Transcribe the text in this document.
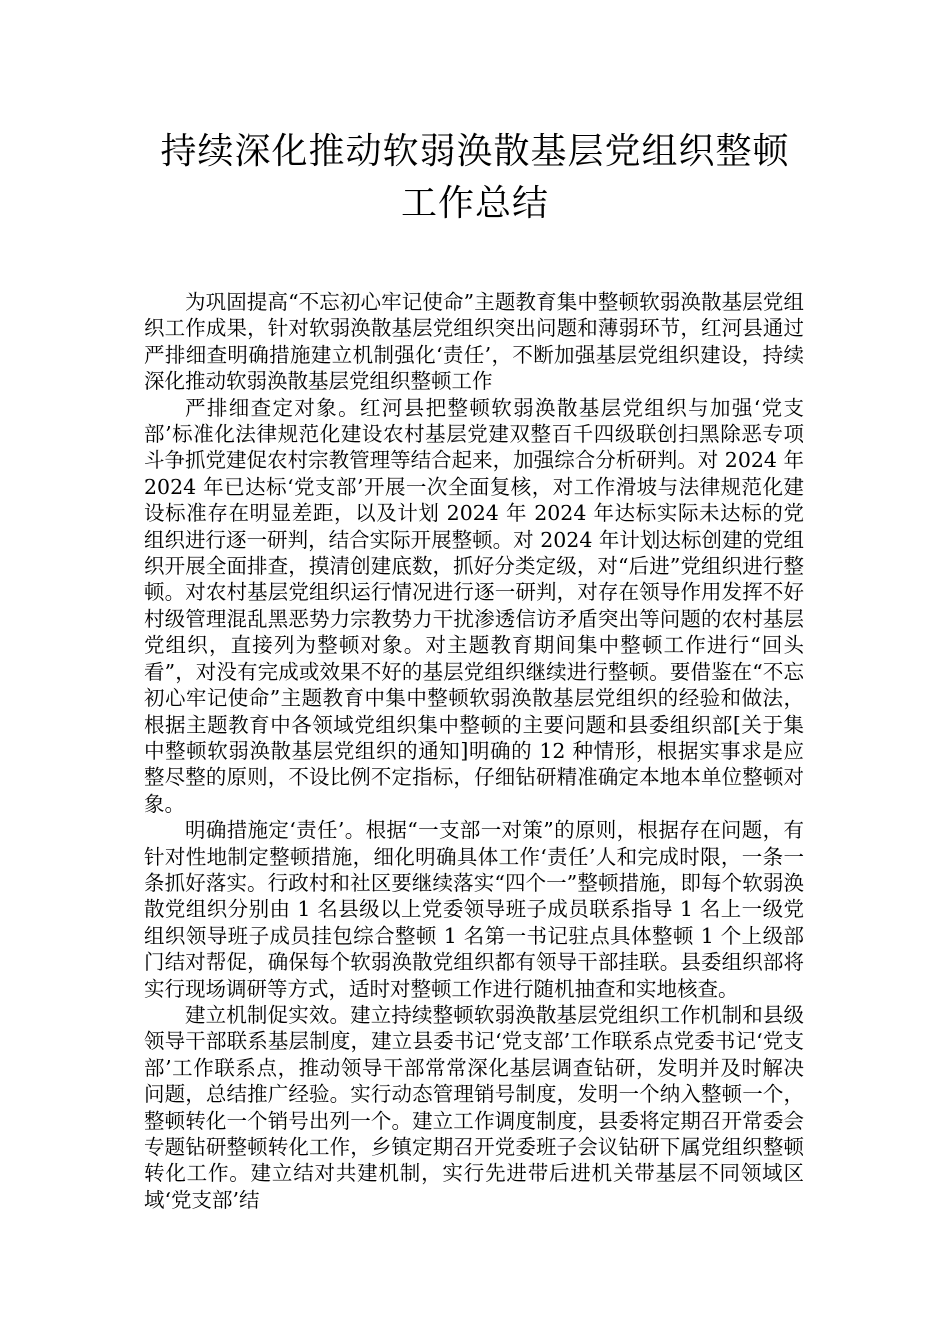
持续深化推动软弱涣散基层党组织整顿
工作总结

为巩固提高“不忘初心牢记使命”主题教育集中整顿软弱涣散基层党组织工作成果，针对软弱涣散基层党组织突出问题和薄弱环节，红河县通过严排细查明确措施建立机制强化‘责任’，不断加强基层党组织建设，持续深化推动软弱涣散基层党组织整顿工作

严排细查定对象。红河县把整顿软弱涣散基层党组织与加强‘党支部’标准化法律规范化建设农村基层党建双整百千四级联创扫黑除恶专项斗争抓党建促农村宗教管理等结合起来，加强综合分析研判。对 2024 年 2024 年已达标‘党支部’开展一次全面复核，对工作滑坡与法律规范化建设标准存在明显差距，以及计划 2024 年 2024 年达标实际未达标的党组织进行逐一研判，结合实际开展整顿。对 2024 年计划达标创建的党组织开展全面排查，摸清创建底数，抓好分类定级，对“后进”党组织进行整顿。对农村基层党组织运行情况进行逐一研判，对存在领导作用发挥不好村级管理混乱黑恶势力宗教势力干扰渗透信访矛盾突出等问题的农村基层党组织，直接列为整顿对象。对主题教育期间集中整顿工作进行“回头看”，对没有完成或效果不好的基层党组织继续进行整顿。要借鉴在“不忘初心牢记使命”主题教育中集中整顿软弱涣散基层党组织的经验和做法，根据主题教育中各领域党组织集中整顿的主要问题和县委组织部[关于集中整顿软弱涣散基层党组织的通知]明确的 12 种情形，根据实事求是应整尽整的原则，不设比例不定指标，仔细钻研精准确定本地本单位整顿对象。

明确措施定‘责任’。根据“一支部一对策”的原则，根据存在问题，有针对性地制定整顿措施，细化明确具体工作‘责任’人和完成时限，一条一条抓好落实。行政村和社区要继续落实“四个一”整顿措施，即每个软弱涣散党组织分别由 1 名县级以上党委领导班子成员联系指导 1 名上一级党组织领导班子成员挂包综合整顿 1 名第一书记驻点具体整顿 1 个上级部门结对帮促，确保每个软弱涣散党组织都有领导干部挂联。县委组织部将实行现场调研等方式，适时对整顿工作进行随机抽查和实地核查。

建立机制促实效。建立持续整顿软弱涣散基层党组织工作机制和县级领导干部联系基层制度，建立县委书记‘党支部’工作联系点党委书记‘党支部’工作联系点，推动领导干部常常深化基层调查钻研，发明并及时解决问题，总结推广经验。实行动态管理销号制度，发明一个纳入整顿一个，整顿转化一个销号出列一个。建立工作调度制度，县委将定期召开常委会专题钻研整顿转化工作，乡镇定期召开党委班子会议钻研下属党组织整顿转化工作。建立结对共建机制，实行先进带后进机关带基层不同领域区域‘党支部’结
